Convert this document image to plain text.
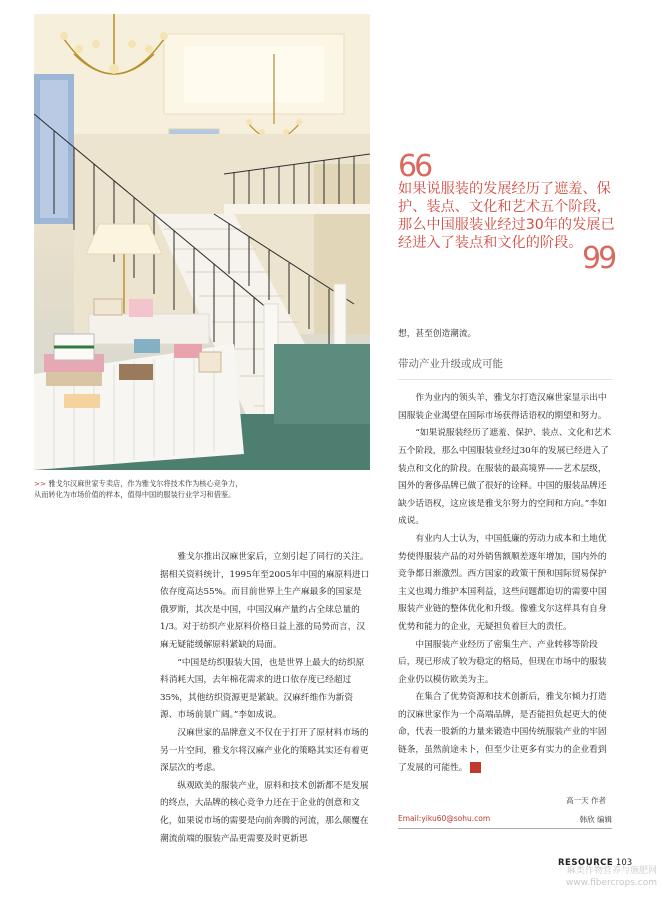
>> 雅戈尔汉麻世家专卖店，作为雅戈尔将技术作为核心竞争力，
从而转化为市场价值的样本，值得中国的服装行业学习和借鉴。
66
如果说服装的发展经历了遮羞、保护、装点、文化和艺术五个阶段，那么中国服装业经过30年的发展已经进入了装点和文化的阶段。 99

想，甚至创造潮流。

带动产业升级或成可能

作为业内的领头羊，雅戈尔打造汉麻世家显示出中国服装企业渴望在国际市场获得话语权的期望和努力。

“如果说服装经历了遮羞、保护、装点、文化和艺术五个阶段，那么中国服装业经过30年的发展已经进入了装点和文化的阶段。在服装的最高境界——艺术层级，国外的奢侈品牌已做了很好的诠释。中国的服装品牌还缺少话语权，这应该是雅戈尔努力的空间和方向。”李如成说。

有业内人士认为，中国低廉的劳动力成本和土地优势使得服装产品的对外销售额顺差逐年增加，国内外的竞争都日渐激烈。西方国家的政策干预和国际贸易保护主义也竭力维护本国利益，这些问题都迫切的需要中国服装产业链的整体优化和升级。像雅戈尔这样具有自身优势和能力的企业，无疑担负着巨大的责任。

中国服装产业经历了密集生产、产业转移等阶段后，现已形成了较为稳定的格局，但现在市场中的服装企业仍以模仿欧美为主。

在集合了优势资源和技术创新后，雅戈尔倾力打造的汉麻世家作为一个高端品牌，是否能担负起更大的使命，代表一股新的力量来锻造中国传统服装产业的牢固链条，虽然前途未卜，但至少让更多有实力的企业看到了发展的可能性。	b

雅戈尔推出汉麻世家后，立刻引起了同行的关注。据相关资料统计，1995年至2005年中国的麻原料进口依存度高达55%。而目前世界上生产麻最多的国家是俄罗斯，其次是中国，中国汉麻产量约占全球总量的1/3。对于纺织产业原料价格日益上涨的局势而言，汉麻无疑能缓解原料紧缺的局面。

“中国是纺织服装大国，也是世界上最大的纺织原料消耗大国，去年棉花需求的进口依存度已经超过35%，其他纺织资源更是紧缺。汉麻纤维作为新资源、市场前景广阔。”李如成说。

汉麻世家的品牌意义不仅在于打开了原材料市场的另一片空间，雅戈尔将汉麻产业化的策略其实还有着更深层次的考虑。

纵观欧美的服装产业，原料和技术创新都不是发展的终点，大品牌的核心竞争力还在于企业的创意和文化，如果说市场的需要是向前奔腾的河流，那么颠覆在潮流前端的服装产品更需要及时更新思

高一天 作者
Email:yiku60@sohu.com	韩欣 编辑
RESOURCE 103
麻类作物营养与施肥网
www.fibercrops.com
